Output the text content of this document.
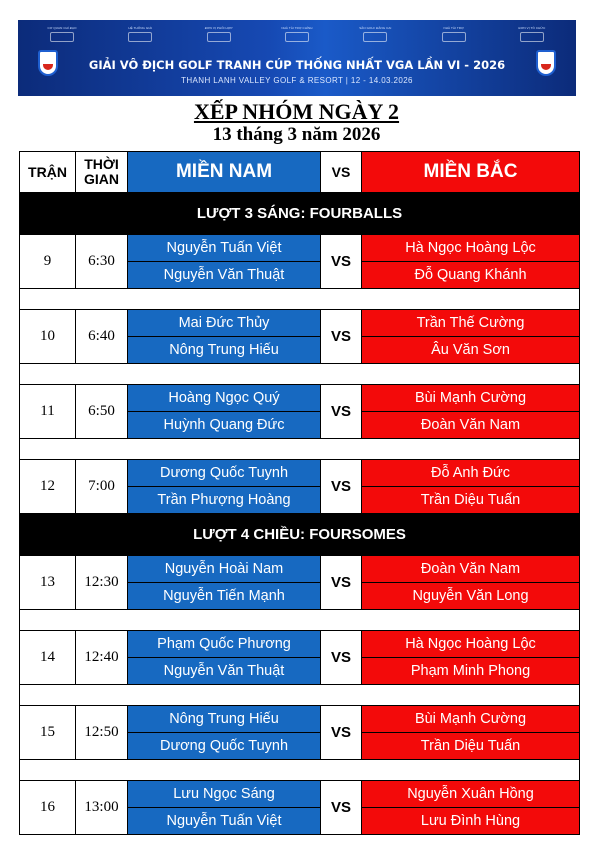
CƠ QUAN CHỈ ĐẠO	HỆ THỐNG GIẢI	ĐƠN VỊ PHỐI HỢP	NHÀ TÀI TRỢ CHÍNH	SÂN GOLF ĐĂNG CAI	NHÀ TÀI TRỢ	ĐƠN VỊ TỔ CHỨC
GIẢI VÔ ĐỊCH GOLF TRANH CÚP THỐNG NHẤT VGA LẦN VI - 2026
THANH LANH VALLEY GOLF & RESORT | 12 - 14.03.2026
XẾP NHÓM NGÀY 2
13 tháng 3 năm 2026
TRẬN	THỜI GIAN	MIỀN NAM	VS	MIỀN BẮC
LƯỢT 3 SÁNG: FOURBALLS				
9	6:30	Nguyễn Tuấn Việt	VS	Hà Ngọc Hoàng Lộc
		Nguyễn Văn Thuật		Đỗ Quang Khánh

10	6:40	Mai Đức Thủy	VS	Trần Thế Cường
		Nông Trung Hiếu		Âu Văn Sơn

11	6:50	Hoàng Ngọc Quý	VS	Bùi Mạnh Cường
		Huỳnh Quang Đức		Đoàn Văn Nam

12	7:00	Dương Quốc Tuynh	VS	Đỗ Anh Đức
		Trần Phượng Hoàng		Trần Diệu Tuấn
LƯỢT 4 CHIỀU: FOURSOMES				
13	12:30	Nguyễn Hoài Nam	VS	Đoàn Văn Nam
		Nguyễn Tiến Mạnh		Nguyễn Văn Long

14	12:40	Phạm Quốc Phương	VS	Hà Ngọc Hoàng Lộc
		Nguyễn Văn Thuật		Phạm Minh Phong

15	12:50	Nông Trung Hiếu	VS	Bùi Mạnh Cường
		Dương Quốc Tuynh		Trần Diệu Tuấn

16	13:00	Lưu Ngọc Sáng	VS	Nguyễn Xuân Hồng
		Nguyễn Tuấn Việt		Lưu Đình Hùng
